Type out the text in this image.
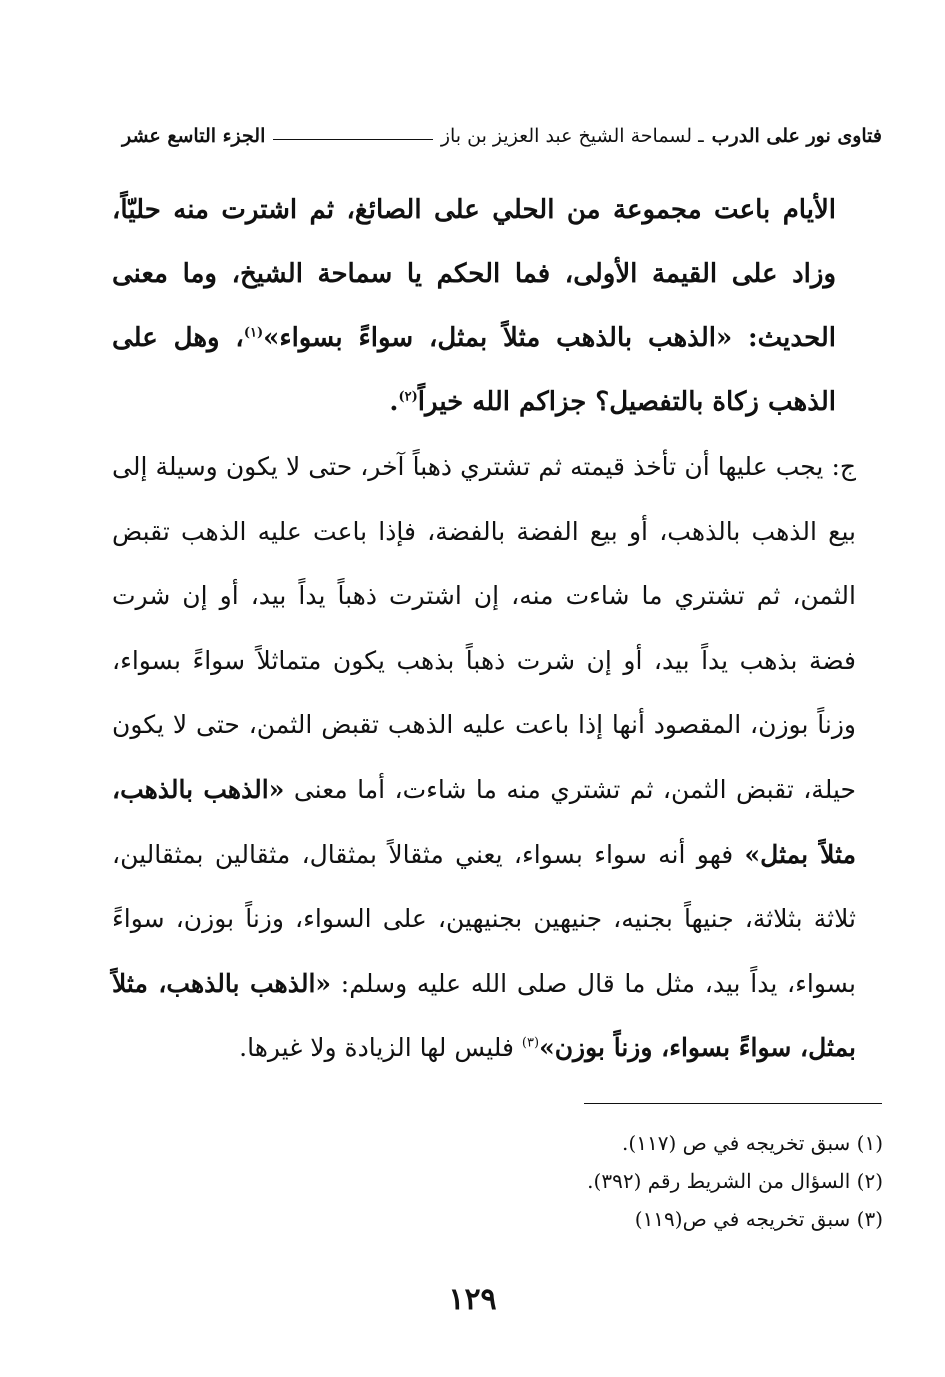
فتاوى نور على الدرب
ـ لسماحة الشيخ عبد العزيز بن باز
الجزء التاسع عشر
الأيام باعت مجموعة من الحلي على الصائغ، ثم اشترت منه حليّاً، وزاد على القيمة الأولى، فما الحكم يا سماحة الشيخ، وما معنى الحديث: «الذهب بالذهب مثلاً بمثل، سواءً بسواء»$^{(١)}$، وهل على الذهب زكاة بالتفصيل؟ جزاكم الله خيراً$^{(٢)}$.
ج: يجب عليها أن تأخذ قيمته ثم تشتري ذهباً آخر، حتى لا يكون وسيلة إلى بيع الذهب بالذهب، أو بيع الفضة بالفضة، فإذا باعت عليه الذهب تقبض الثمن، ثم تشتري ما شاءت منه، إن اشترت ذهباً يداً بيد، أو إن شرت فضة بذهب يداً بيد، أو إن شرت ذهباً بذهب يكون متماثلاً سواءً بسواء، وزناً بوزن، المقصود أنها إذا باعت عليه الذهب تقبض الثمن، حتى لا يكون حيلة، تقبض الثمن، ثم تشتري منه ما شاءت، أما معنى «الذهب بالذهب، مثلاً بمثل» فهو أنه سواء بسواء، يعني مثقالاً بمثقال، مثقالين بمثقالين، ثلاثة بثلاثة، جنيهاً بجنيه، جنيهين بجنيهين، على السواء، وزناً بوزن، سواءً بسواء، يداً بيد، مثل ما قال صلى الله عليه وسلم: «الذهب بالذهب، مثلاً بمثل، سواءً بسواء، وزناً بوزن»$^{(٣)}$ فليس لها الزيادة ولا غيرها.
(١) سبق تخريجه في ص (١١٧).
(٢) السؤال من الشريط رقم (٣٩٢).
(٣) سبق تخريجه في ص(١١٩)
١٢٩
